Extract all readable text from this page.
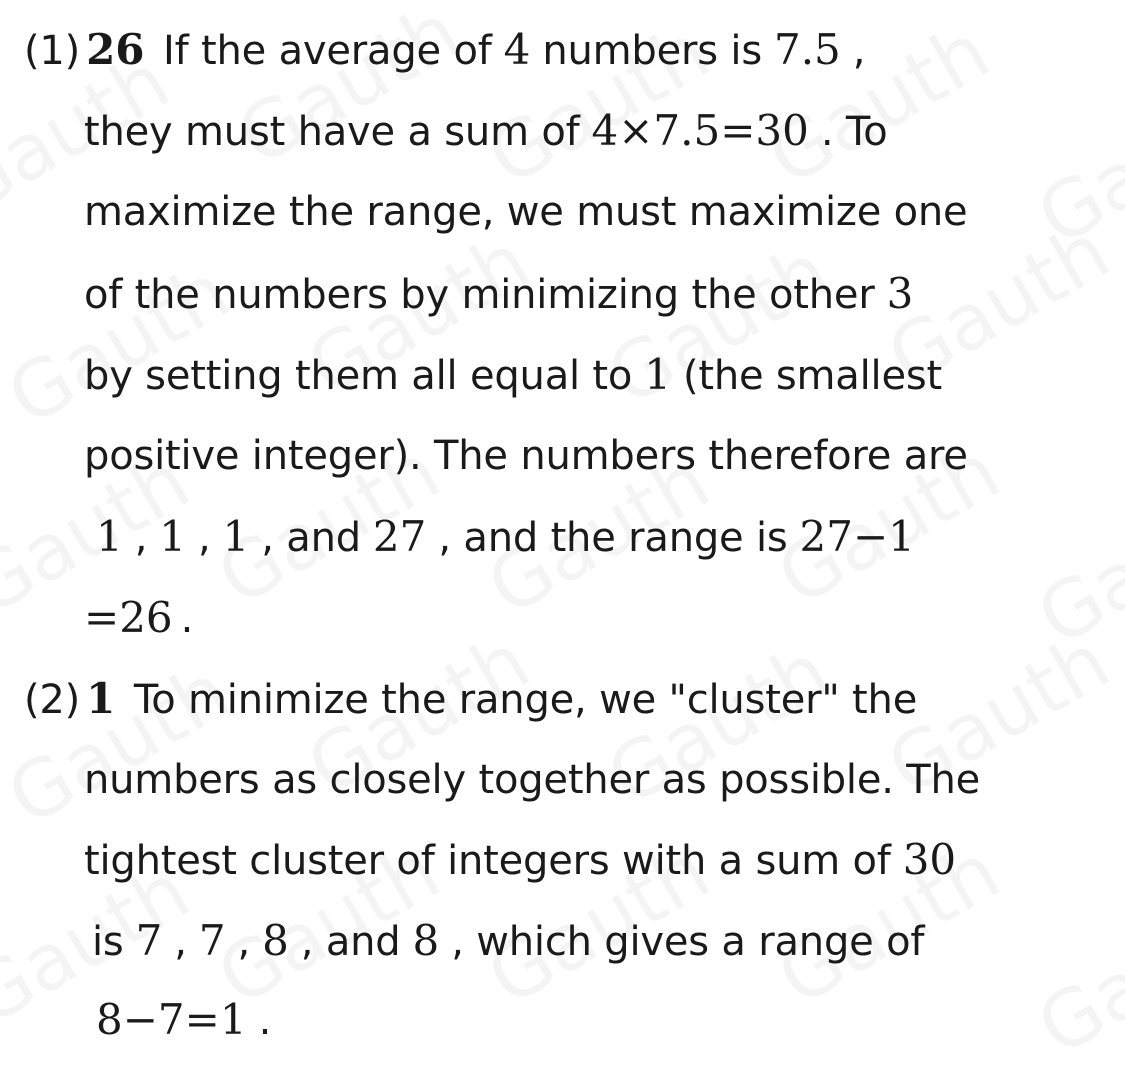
(1) 26 If the average of 4 numbers is 7.5 ,
they must have a sum of 4×7.5=30 . To
maximize the range, we must maximize one
of the numbers by minimizing the other 3
by setting them all equal to 1 (the smallest
positive integer). The numbers therefore are
1 , 1 , 1 , and 27 , and the range is 27−1
=26 .
(2) 1 To minimize the range, we "cluster" the
numbers as closely together as possible. The
tightest cluster of integers with a sum of 30
is 7 , 7 , 8 , and 8 , which gives a range of
8−7=1 .
